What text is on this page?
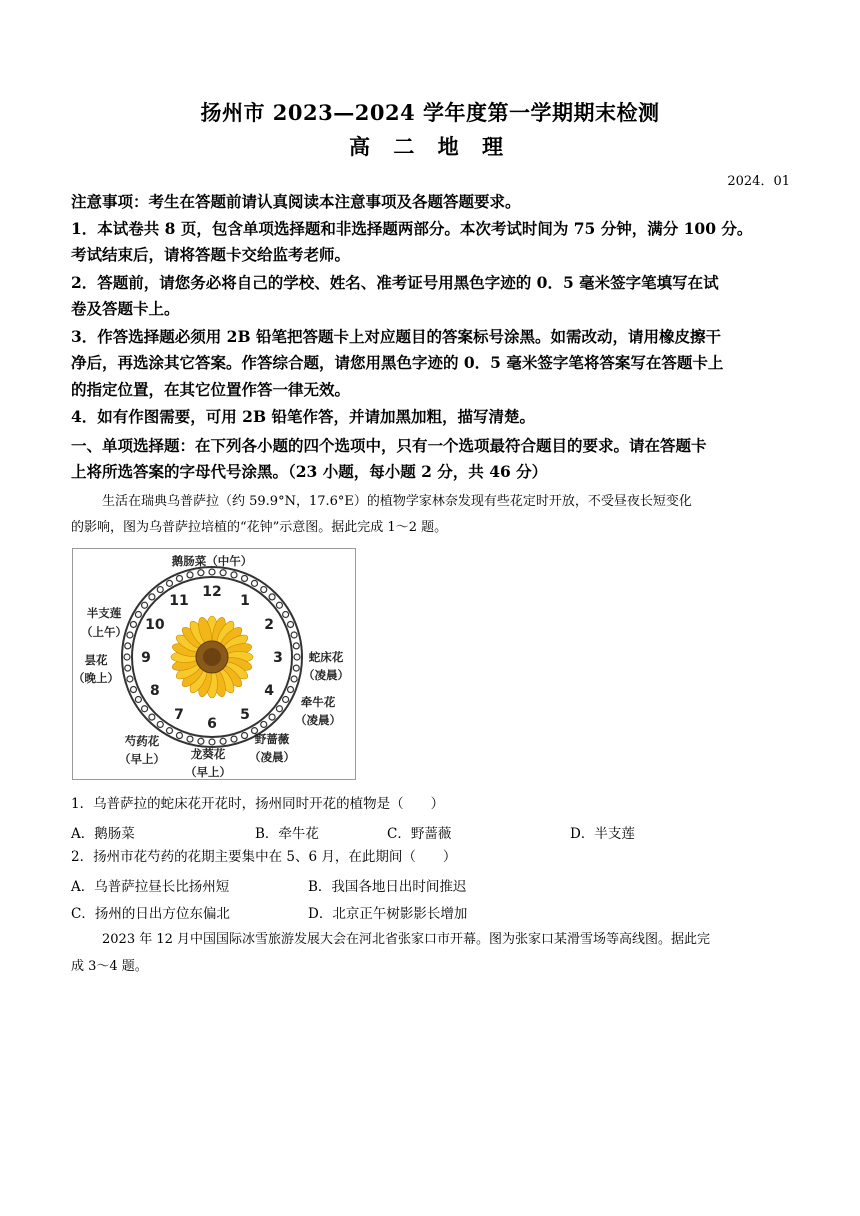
扬州市 2023—2024 学年度第一学期期末检测
高 二 地 理
2024．01
注意事项：考生在答题前请认真阅读本注意事项及各题答题要求。
1．本试卷共 8 页，包含单项选择题和非选择题两部分。本次考试时间为 75 分钟，满分 100 分。
考试结束后，请将答题卡交给监考老师。
2．答题前，请您务必将自己的学校、姓名、准考证号用黑色字迹的 0．5 毫米签字笔填写在试
卷及答题卡上。
3．作答选择题必须用 2B 铅笔把答题卡上对应题目的答案标号涂黑。如需改动，请用橡皮擦干
净后，再选涂其它答案。作答综合题，请您用黑色字迹的 0．5 毫米签字笔将答案写在答题卡上
的指定位置，在其它位置作答一律无效。
4．如有作图需要，可用 2B 铅笔作答，并请加黑加粗，描写清楚。
一、单项选择题：在下列各小题的四个选项中，只有一个选项最符合题目的要求。请在答题卡
上将所选答案的字母代号涂黑。（23 小题，每小题 2 分，共 46 分）
生活在瑞典乌普萨拉（约 59.9°N，17.6°E）的植物学家林奈发现有些花定时开放，不受昼夜长短变化
的影响，图为乌普萨拉培植的“花钟”示意图。据此完成 1～2 题。
12
1
2
3
4
5
6
7
8
9
10
11
鹅肠菜（中午）
半支莲
（上午）
昙花
（晚上）
蛇床花
（凌晨）
牵牛花
（凌晨）
野蔷薇
（凌晨）
龙葵花
（早上）
芍药花
（早上）
1．乌普萨拉的蛇床花开花时，扬州同时开花的植物是（　　）
A．鹅肠菜	B．牵牛花	C．野蔷薇	D．半支莲
2．扬州市花芍药的花期主要集中在 5、6 月，在此期间（　　）
A．乌普萨拉昼长比扬州短	B．我国各地日出时间推迟
C．扬州的日出方位东偏北	D．北京正午树影影长增加
2023 年 12 月中国国际冰雪旅游发展大会在河北省张家口市开幕。图为张家口某滑雪场等高线图。据此完
成 3～4 题。
